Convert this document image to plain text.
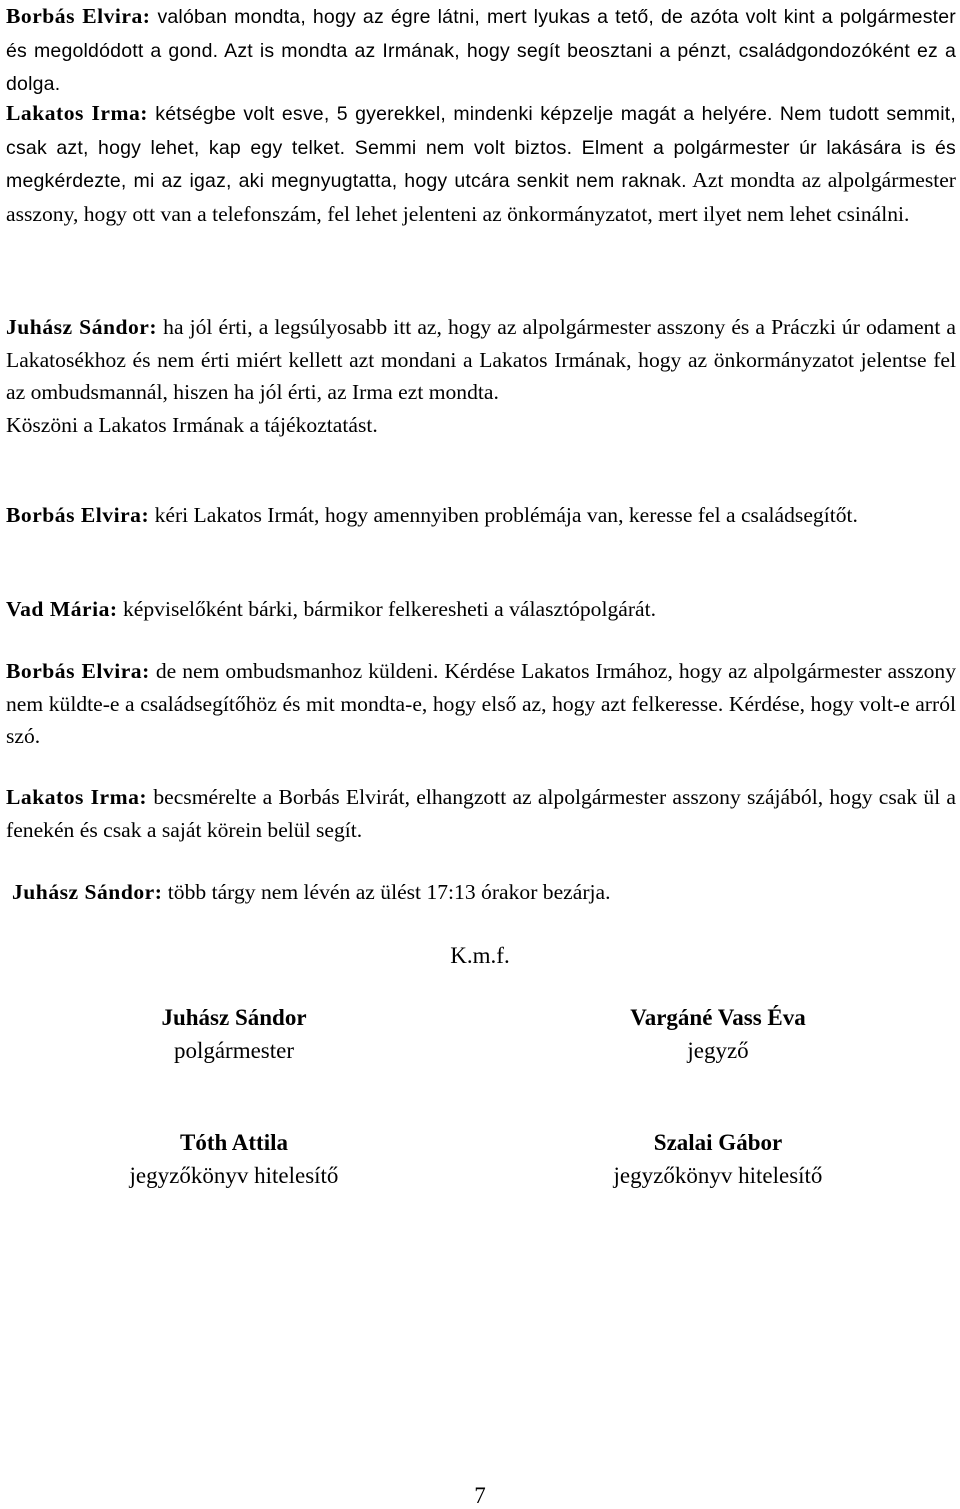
Borbás Elvira: valóban mondta, hogy az égre látni, mert lyukas a tető, de azóta volt kint a polgármester és megoldódott a gond. Azt is mondta az Irmának, hogy segít beosztani a pénzt, családgondozóként ez a dolga.

Lakatos Irma: kétségbe volt esve, 5 gyerekkel, mindenki képzelje magát a helyére. Nem tudott semmit, csak azt, hogy lehet, kap egy telket. Semmi nem volt biztos. Elment a polgármester úr lakására is és megkérdezte, mi az igaz, aki megnyugtatta, hogy utcára senkit nem raknak. Azt mondta az alpolgármester asszony, hogy ott van a telefonszám, fel lehet jelenteni az önkormányzatot, mert ilyet nem lehet csinálni.

Juhász Sándor: ha jól érti, a legsúlyosabb itt az, hogy az alpolgármester asszony és a Práczki úr odament a Lakatosékhoz és nem érti miért kellett azt mondani a Lakatos Irmának, hogy az önkormányzatot jelentse fel az ombudsmannál, hiszen ha jól érti, az Irma ezt mondta.
Köszöni a Lakatos Irmának a tájékoztatást.

Borbás Elvira: kéri Lakatos Irmát, hogy amennyiben problémája van, keresse fel a családsegítőt.

Vad Mária: képviselőként bárki, bármikor felkeresheti a választópolgárát.

Borbás Elvira: de nem ombudsmanhoz küldeni. Kérdése Lakatos Irmához, hogy az alpolgármester asszony nem küldte-e a családsegítőhöz és mit mondta-e, hogy első az, hogy azt felkeresse. Kérdése, hogy volt-e arról szó.

Lakatos Irma: becsmérelte a Borbás Elvirát, elhangzott az alpolgármester asszony szájából, hogy csak ül a fenekén és csak a saját körein belül segít.

Juhász Sándor: több tárgy nem lévén az ülést 17:13 órakor bezárja.

K.m.f.
Juhász Sándor
polgármester
Vargáné Vass Éva
jegyző
Tóth Attila
jegyzőkönyv hitelesítő
Szalai Gábor
jegyzőkönyv hitelesítő
7
